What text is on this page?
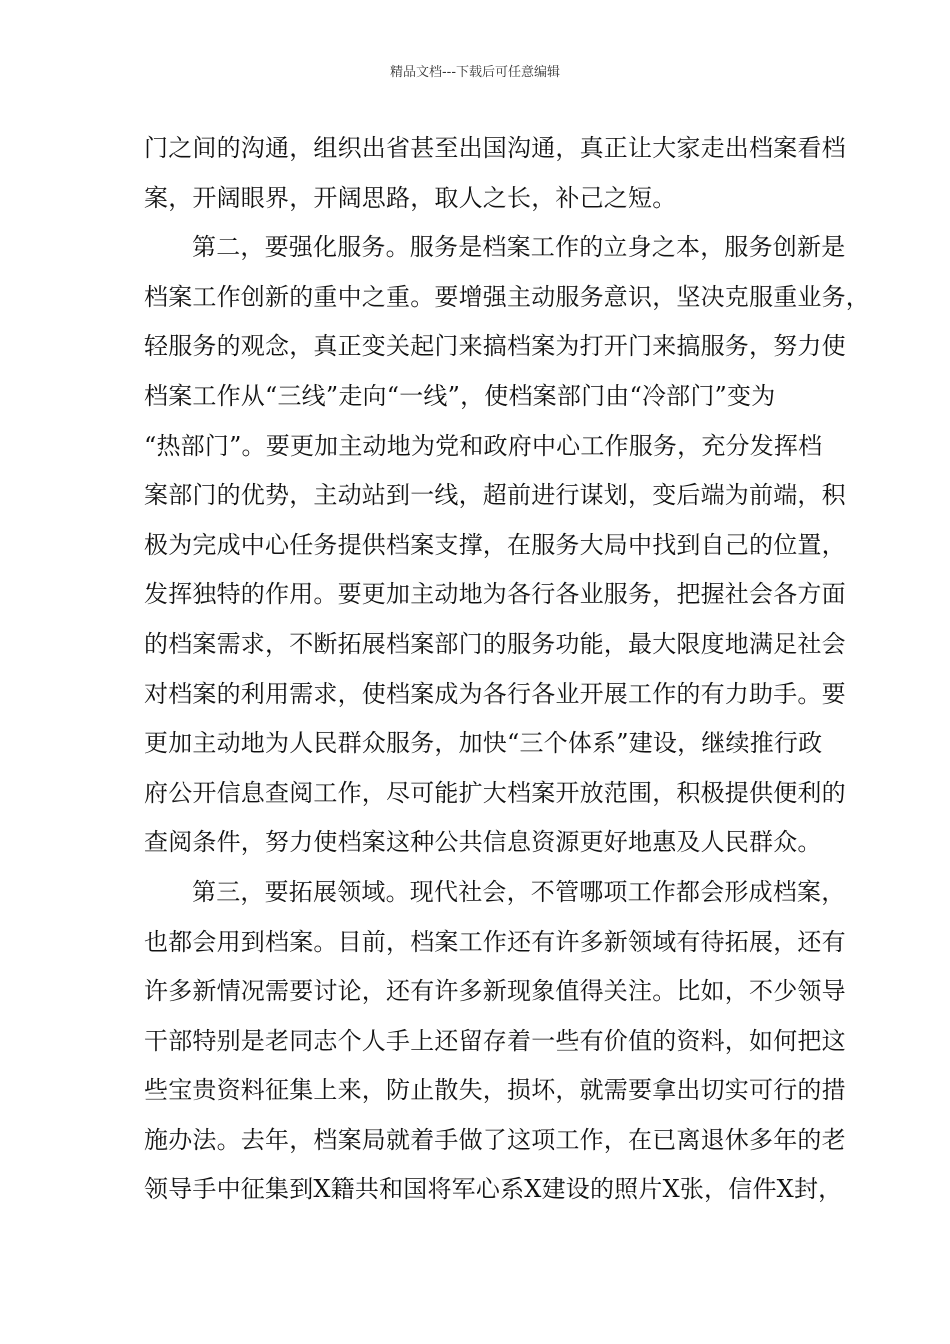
精品文档---下载后可任意编辑
门之间的沟通，组织出省甚至出国沟通，真正让大家走出档案看档
案，开阔眼界，开阔思路，取人之长，补己之短。
第二，要强化服务。服务是档案工作的立身之本，服务创新是
档案工作创新的重中之重。要增强主动服务意识，坚决克服重业务，
轻服务的观念，真正变关起门来搞档案为打开门来搞服务，努力使
档案工作从“三线”走向“一线”，使档案部门由“冷部门”变为
“热部门”。要更加主动地为党和政府中心工作服务，充分发挥档
案部门的优势，主动站到一线，超前进行谋划，变后端为前端，积
极为完成中心任务提供档案支撑，在服务大局中找到自己的位置，
发挥独特的作用。要更加主动地为各行各业服务，把握社会各方面
的档案需求，不断拓展档案部门的服务功能，最大限度地满足社会
对档案的利用需求，使档案成为各行各业开展工作的有力助手。要
更加主动地为人民群众服务，加快“三个体系”建设，继续推行政
府公开信息查阅工作，尽可能扩大档案开放范围，积极提供便利的
查阅条件，努力使档案这种公共信息资源更好地惠及人民群众。
第三，要拓展领域。现代社会，不管哪项工作都会形成档案，
也都会用到档案。目前，档案工作还有许多新领域有待拓展，还有
许多新情况需要讨论，还有许多新现象值得关注。比如，不少领导
干部特别是老同志个人手上还留存着一些有价值的资料，如何把这
些宝贵资料征集上来，防止散失，损坏，就需要拿出切实可行的措
施办法。去年，档案局就着手做了这项工作，在已离退休多年的老
领导手中征集到X籍共和国将军心系X建设的照片X张，信件X封，
